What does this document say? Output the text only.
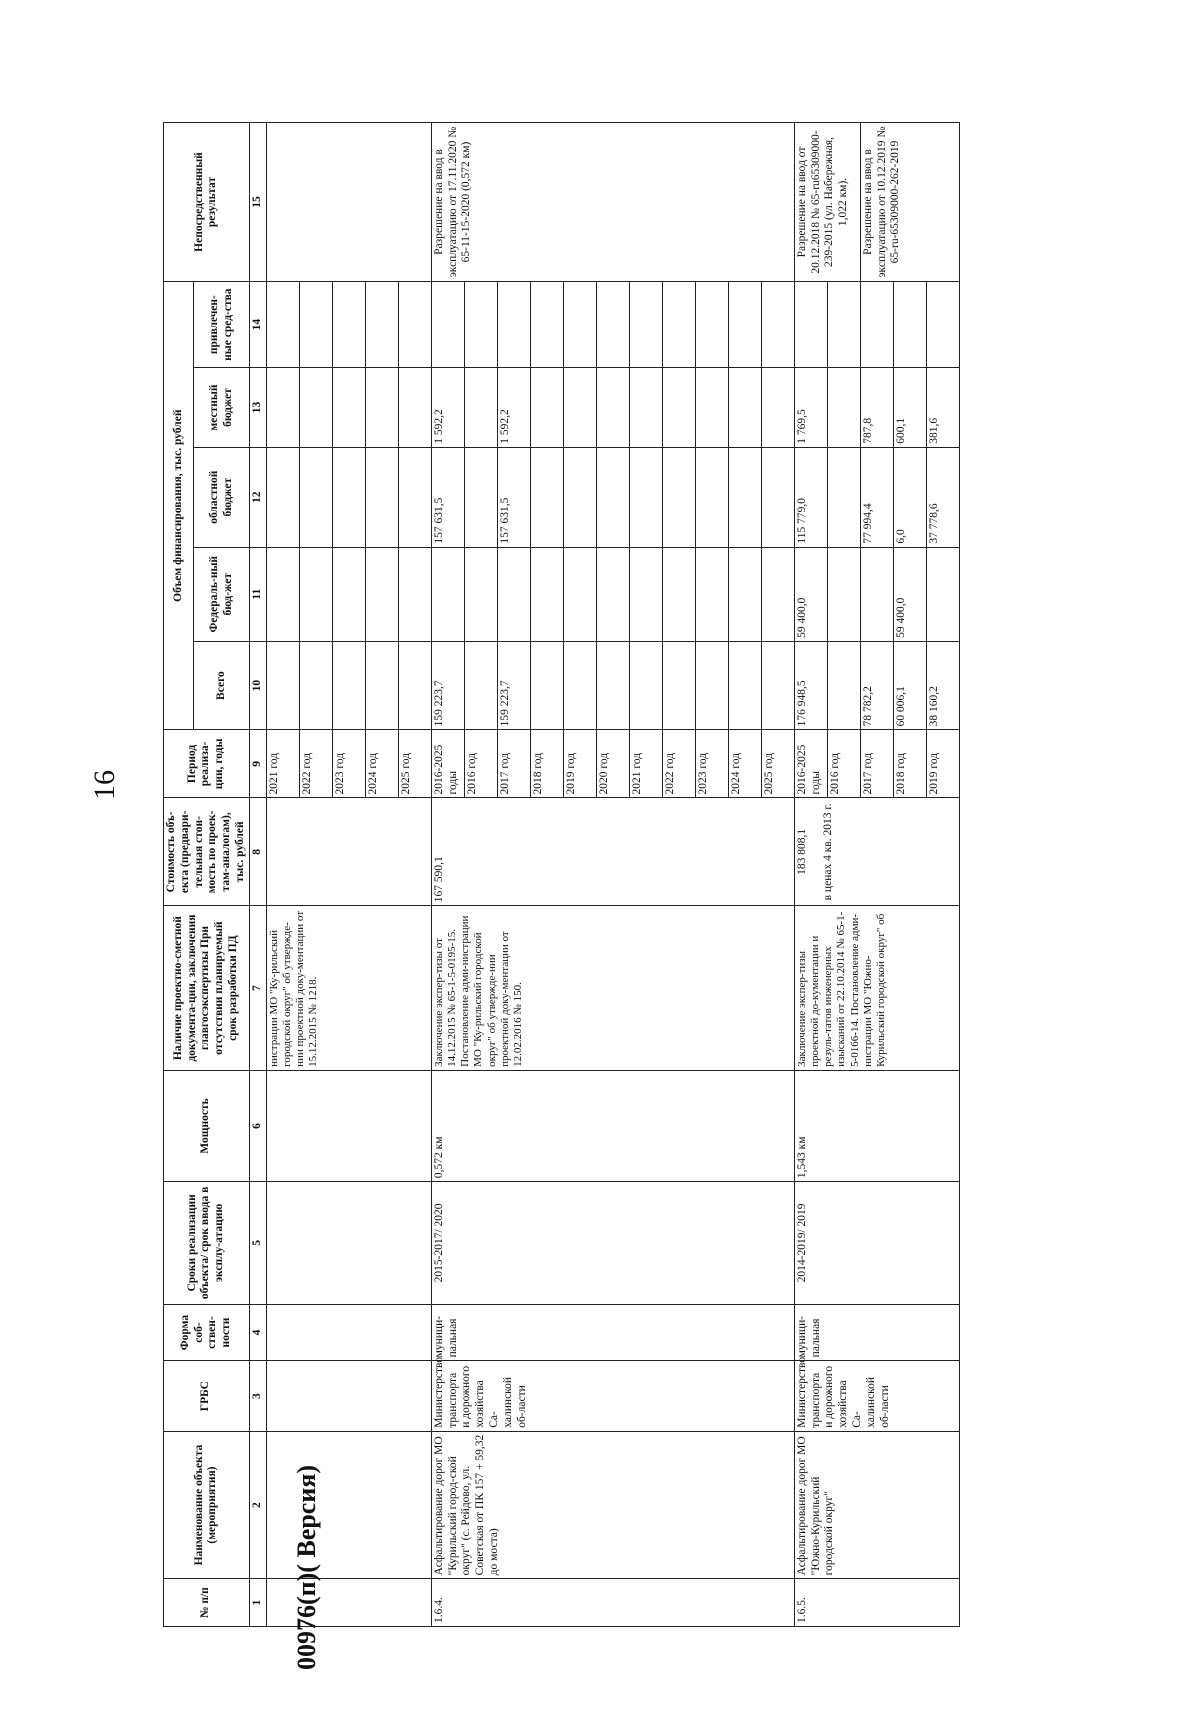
16
№ п/п	Наименование объекта (мероприятия)	ГРБС	Форма соб-ствен-ности	Сроки реализации объекта/ срок ввода в эксплу-атацию	Мощность	Наличие проектно-сметной документа-ции, заключения главгосэкспертизы При отсутствии планируемый срок разработки ПД	Стоимость объ-екта (предвари-тельная стои-мость по проек-там-аналогам), тыс. рублей	Период реализа-ции, годы	Объем финансирования, тыс. рублей					Непосредственный результат
									Всего	Федераль-ный бюд-жет	областной бюджет	местный бюджет	привлечен-ные сред-ства	
1	2	3	4	5	6	7	8	9	10	11	12	13	14	15
						нистрации МО "Ку-рильский городской округ" об утвержде-нии проектной доку-ментации от 15.12.2015 № 1218.		2021 год						
								2022 год						
								2023 год						
								2024 год						
								2025 год						
1.6.4.	Асфальтирование дорог МО "Курильский город-ской округ" (с. Рейдово, ул. Советская от ПК 157 + 59,32 до моста)	Министерство транспорта и дорожного хозяйства Са-халинской об-ласти	муници-пальная	2015-2017/ 2020	0,572 км	Заключение экспер-тизы от 14.12.2015 № 65-1-5-0195-15. Постановление адми-нистрации МО "Ку-рильский городской округ" об утвержде-нии проектной доку-ментации от 12.02.2016 № 150.	167 590,1	2016-2025 годы	159 223,7		157 631,5	1 592,2		Разрешение на ввод в эксплуатацию от 17.11.2020 № 65-11-15-2020 (0,572 км)
								2016 год						
								2017 год	159 223,7		157 631,5	1 592,2		
								2018 год						
								2019 год						
								2020 год						
								2021 год						
								2022 год						
								2023 год						
								2024 год						
								2025 год						
1.6.5.	Асфальтирование дорог МО "Южно-Курильский городской округ"	Министерство транспорта и дорожного хозяйства Са-халинской об-ласти	муници-пальная	2014-2019/ 2019	1,543 км	Заключение экспер-тизы проектной до-кументации и резуль-татов инженерных изысканий от 22.10.2014 № 65-1-5-0166-14. Постановление адми-нистрации МО "Южно-Курильский городской округ" об	183 808,1 в ценах 4 кв. 2013 г.	2016-2025 годы	176 948,5	59 400,0	115 779,0	1 769,5		Разрешение на ввод от 20.12.2018 № 65-ru65309000-239-2015 (ул. Набережная, 1,022 км).
								2016 год						
								2017 год	78 782,2		77 994,4	787,8		Разрешение на ввод в эксплуатацию от 10.12.2019 № 65-ru-65309000-262-2019
								2018 год	60 006,1	59 400,0	6,0	600,1		
								2019 год	38 160,2		37 778,6	381,6		
00976(п)( Версия)
